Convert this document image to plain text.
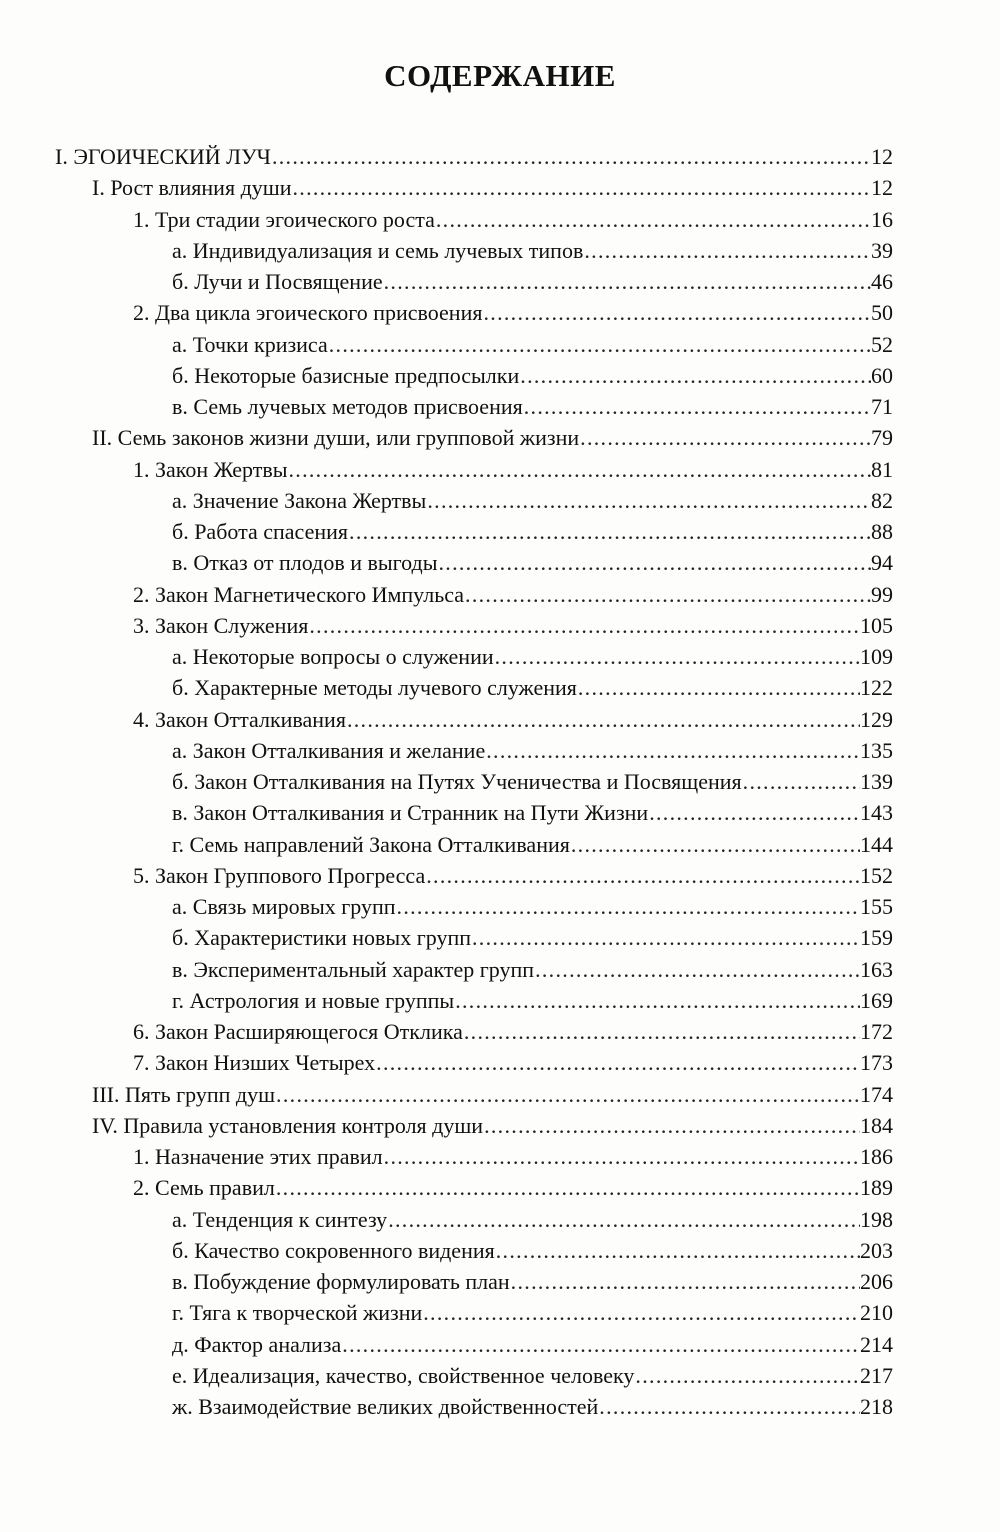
СОДЕРЖАНИЕ
I. ЭГОИЧЕСКИЙ ЛУЧ .....	12
I. Рост влияния души .....	12
1. Три стадии эгоического роста .....	16
а. Индивидуализация и семь лучевых типов .....	39
б. Лучи и Посвящение .....	46
2. Два цикла эгоического присвоения .....	50
а. Точки кризиса .....	52
б. Некоторые базисные предпосылки .....	60
в. Семь лучевых методов присвоения .....	71
II. Семь законов жизни души, или групповой жизни .....	79
1. Закон Жертвы .....	81
а. Значение Закона Жертвы .....	82
б. Работа спасения .....	88
в. Отказ от плодов и выгоды .....	94
2. Закон Магнетического Импульса .....	99
3. Закон Служения .....	105
а. Некоторые вопросы о служении .....	109
б. Характерные методы лучевого служения .....	122
4. Закон Отталкивания .....	129
а. Закон Отталкивания и желание .....	135
б. Закон Отталкивания на Путях Ученичества и Посвящения .....	139
в. Закон Отталкивания и Странник на Пути Жизни .....	143
г. Семь направлений Закона Отталкивания .....	144
5. Закон Группового Прогресса .....	152
а. Связь мировых групп .....	155
б. Характеристики новых групп .....	159
в. Экспериментальный характер групп .....	163
г. Астрология и новые группы .....	169
6. Закон Расширяющегося Отклика .....	172
7. Закон Низших Четырех .....	173
III. Пять групп душ .....	174
IV. Правила установления контроля души .....	184
1. Назначение этих правил .....	186
2. Семь правил .....	189
а. Тенденция к синтезу .....	198
б. Качество сокровенного видения .....	203
в. Побуждение формулировать план .....	206
г. Тяга к творческой жизни .....	210
д. Фактор анализа .....	214
е. Идеализация, качество, свойственное человеку .....	217
ж. Взаимодействие великих двойственностей .....	218
